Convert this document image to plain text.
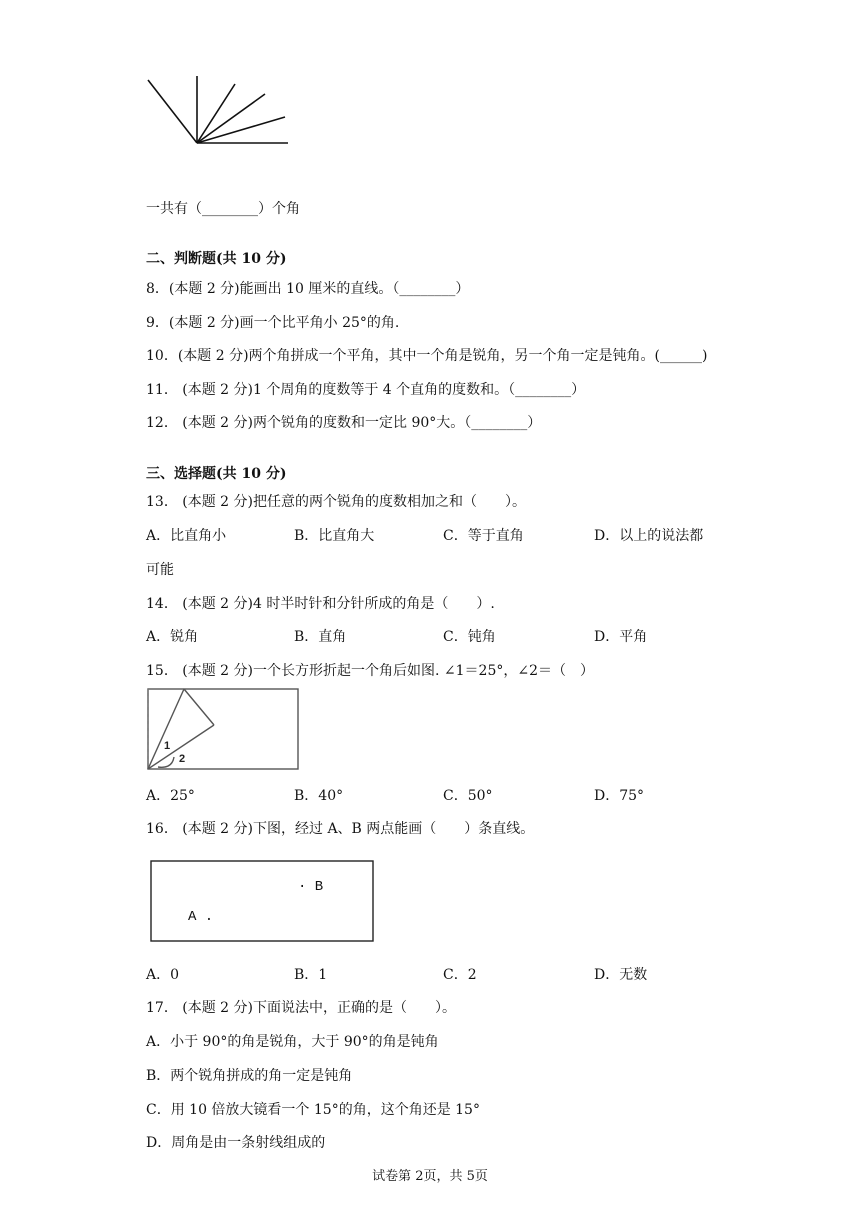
一共有（________）个角
二、判断题(共 10 分)
8．(本题 2 分)能画出 10 厘米的直线。（________）
9．(本题 2 分)画一个比平角小 25°的角.
10．(本题 2 分)两个角拼成一个平角，其中一个角是锐角，另一个角一定是钝角。(______)
11． (本题 2 分)1 个周角的度数等于 4 个直角的度数和。（________）
12． (本题 2 分)两个锐角的度数和一定比 90°大。（________）
三、选择题(共 10 分)
13． (本题 2 分)把任意的两个锐角的度数相加之和（　　）。
A．比直角小	B．比直角大	C．等于直角	D．以上的说法都
可能
14． (本题 2 分)4 时半时针和分针所成的角是（　　）.
A．锐角	B．直角	C．钝角	D．平角
15． (本题 2 分)一个长方形折起一个角后如图. ∠1＝25°，∠2＝（　）
1
2
A．25°	B．40°	C．50°	D．75°
16． (本题 2 分)下图，经过 A、B 两点能画（　　）条直线。
· B
A .
A．0	B．1	C．2	D．无数
17． (本题 2 分)下面说法中，正确的是（　　）。
A．小于 90°的角是锐角，大于 90°的角是钝角
B．两个锐角拼成的角一定是钝角
C．用 10 倍放大镜看一个 15°的角，这个角还是 15°
D．周角是由一条射线组成的
试卷第 2页，共 5页
